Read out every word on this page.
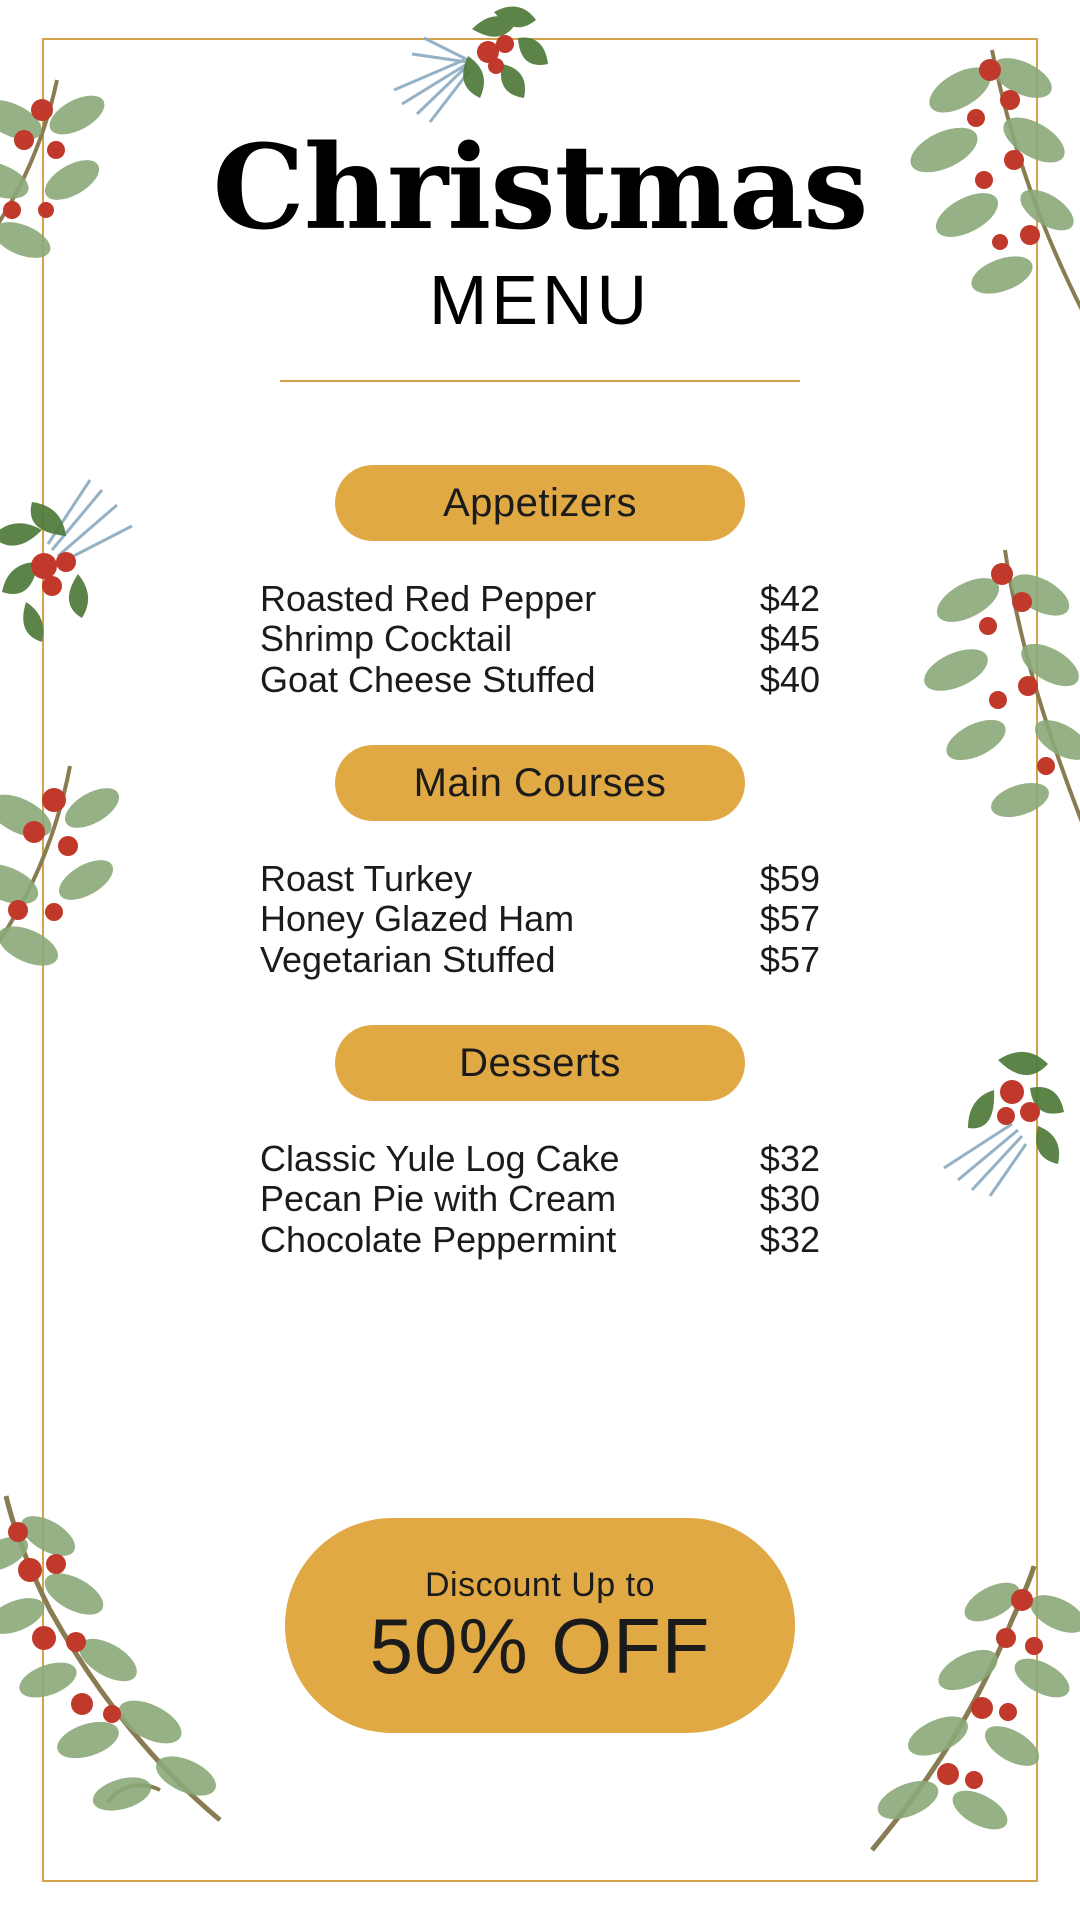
Christmas
MENU
Appetizers
Roasted Red Pepper	$42
Shrimp Cocktail	$45
Goat Cheese Stuffed	$40
Main Courses
Roast Turkey	$59
Honey Glazed Ham	$57
Vegetarian Stuffed	$57
Desserts
Classic Yule Log Cake	$32
Pecan Pie with Cream	$30
Chocolate Peppermint	$32
Discount Up to
50% OFF
